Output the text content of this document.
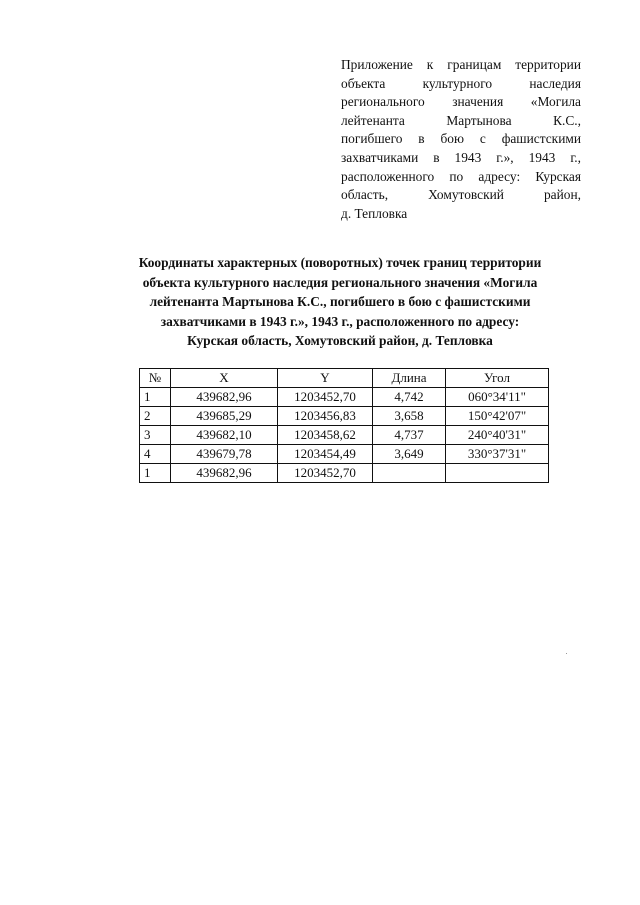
Приложение к границам территории
объекта культурного наследия
регионального значения «Могила
лейтенанта Мартынова К.С.,
погибшего в бою с фашистскими
захватчиками в 1943 г.», 1943 г.,
расположенного по адресу: Курская
область, Хомутовский район,
д. Тепловка
Координаты характерных (поворотных) точек границ территории
объекта культурного наследия регионального значения «Могила
лейтенанта Мартынова К.С., погибшего в бою с фашистскими
захватчиками в 1943 г.», 1943 г., расположенного по адресу:
Курская область, Хомутовский район, д. Тепловка
№	X	Y	Длина	Угол
1	439682,96	1203452,70	4,742	060°34'11"
2	439685,29	1203456,83	3,658	150°42'07"
3	439682,10	1203458,62	4,737	240°40'31"
4	439679,78	1203454,49	3,649	330°37'31"
1	439682,96	1203452,70		
